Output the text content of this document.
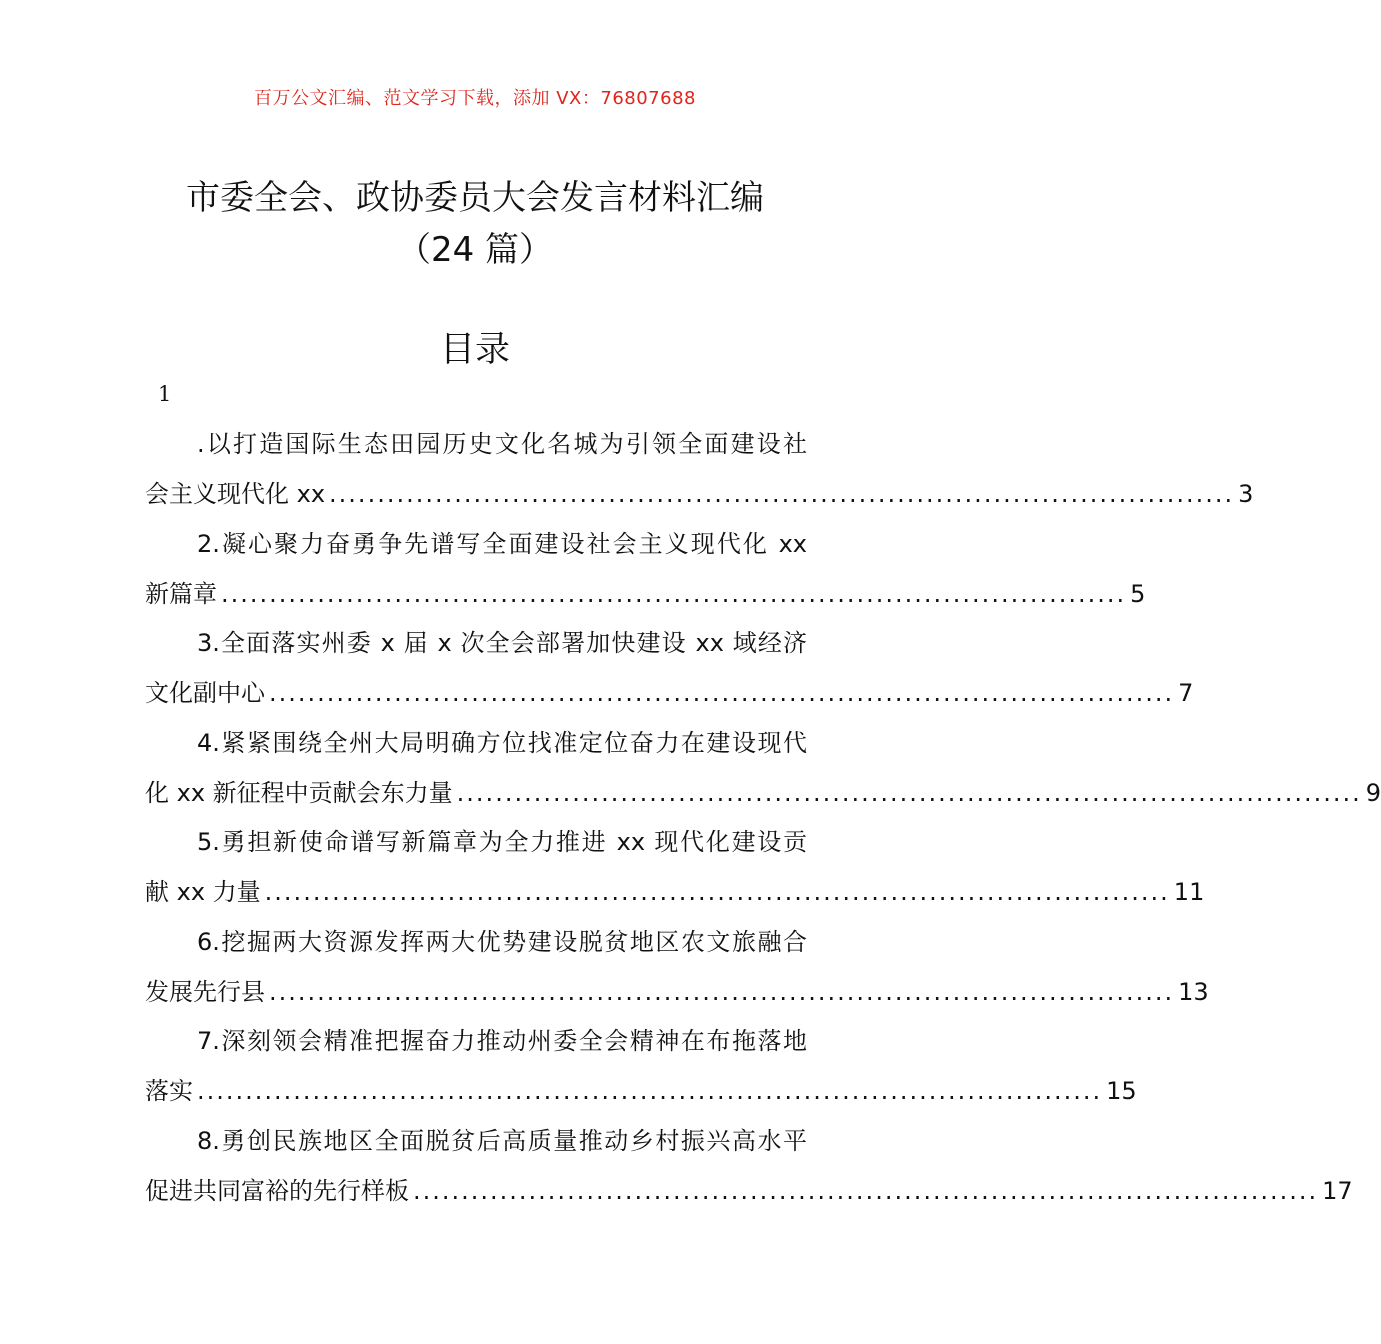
百万公文汇编、范文学习下载，添加 VX：76807688
市委全会、政协委员大会发言材料汇编
（24 篇）
目录
1
.以打造国际生态田园历史文化名城为引领全面建设社
会主义现代化 xx .............................................................................................. 3
2.凝心聚力奋勇争先谱写全面建设社会主义现代化 xx
新篇章 .............................................................................................. 5
3.全面落实州委 x 届 x 次全会部署加快建设 xx 域经济
文化副中心 .............................................................................................. 7
4.紧紧围绕全州大局明确方位找准定位奋力在建设现代
化 xx 新征程中贡献会东力量 .............................................................................................. 9
5.勇担新使命谱写新篇章为全力推进 xx 现代化建设贡
献 xx 力量 .............................................................................................. 11
6.挖掘两大资源发挥两大优势建设脱贫地区农文旅融合
发展先行县 .............................................................................................. 13
7.深刻领会精准把握奋力推动州委全会精神在布拖落地
落实 .............................................................................................. 15
8.勇创民族地区全面脱贫后高质量推动乡村振兴高水平
促进共同富裕的先行样板 .............................................................................................. 17
